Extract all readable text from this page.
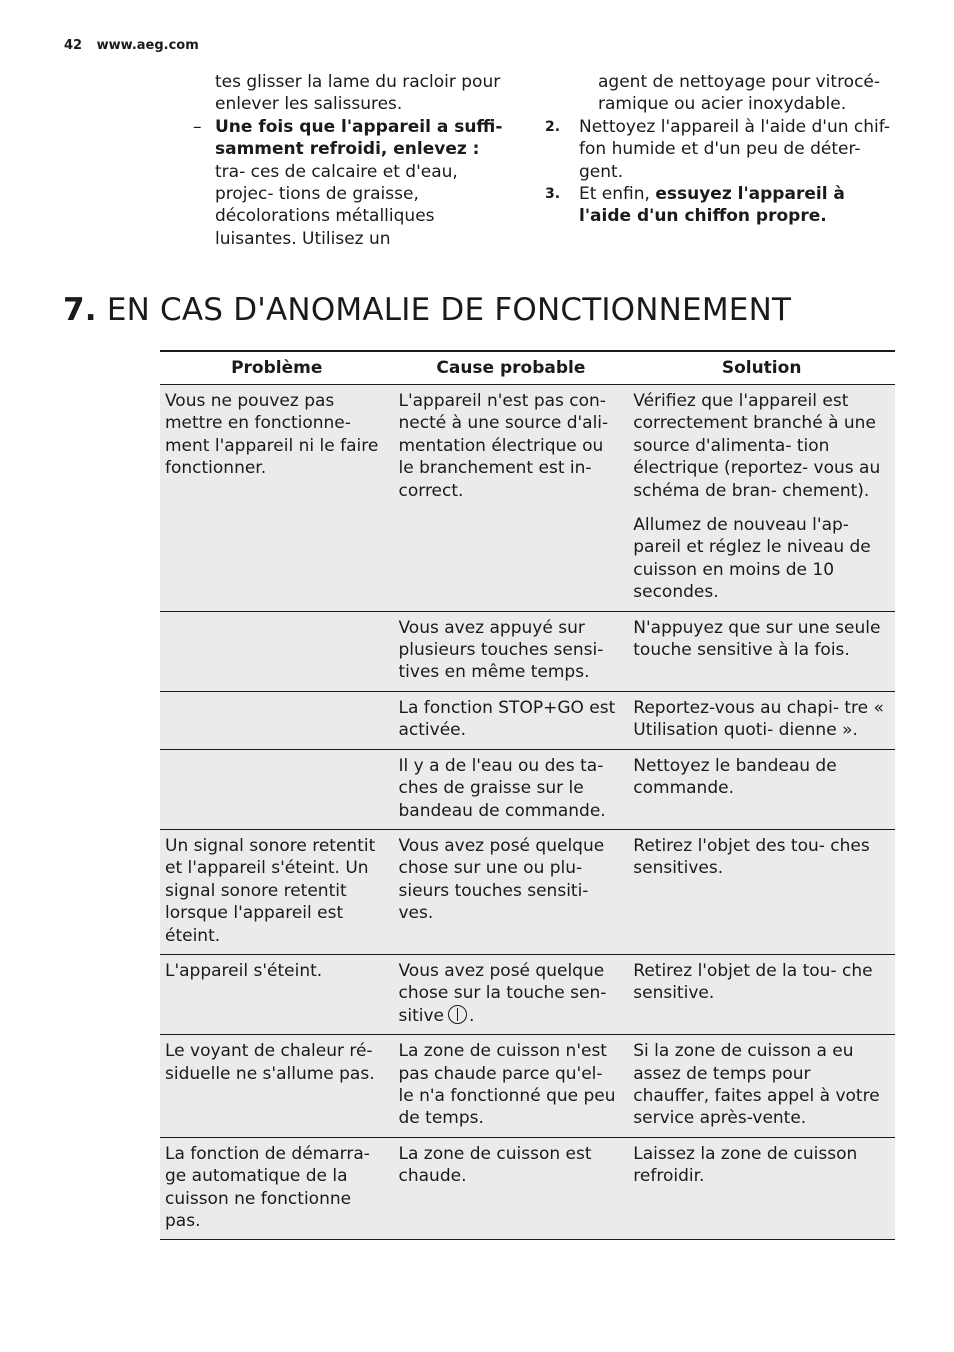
42 www.aeg.com

tes glisser la lame du racloir pour enlever les salissures.

– Une fois que l'appareil a suffi- samment refroidi, enlevez : tra- ces de calcaire et d'eau, projec- tions de graisse, décolorations métalliques luisantes. Utilisez un

agent de nettoyage pour vitrocé- ramique ou acier inoxydable.

2. Nettoyez l'appareil à l'aide d'un chif- fon humide et d'un peu de déter- gent.

3. Et enfin, essuyez l'appareil à l'aide d'un chiffon propre.

7. EN CAS D'ANOMALIE DE FONCTIONNEMENT
Problème	Cause probable	Solution
Vous ne pouvez pas mettre en fonctionne- ment l'appareil ni le faire fonctionner.	L'appareil n'est pas con- necté à une source d'ali- mentation électrique ou le branchement est in- correct.	Vérifiez que l'appareil est correctement branché à une source d'alimenta- tion électrique (reportez- vous au schéma de bran- chement).
		Allumez de nouveau l'ap- pareil et réglez le niveau de cuisson en moins de 10 secondes.
	Vous avez appuyé sur plusieurs touches sensi- tives en même temps.	N'appuyez que sur une seule touche sensitive à la fois.
	La fonction STOP+GO est activée.	Reportez-vous au chapi- tre « Utilisation quoti- dienne ».
	Il y a de l'eau ou des ta- ches de graisse sur le bandeau de commande.	Nettoyez le bandeau de commande.
Un signal sonore retentit et l'appareil s'éteint. Un signal sonore retentit lorsque l'appareil est éteint.	Vous avez posé quelque chose sur une ou plu- sieurs touches sensiti- ves.	Retirez l'objet des tou- ches sensitives.
L'appareil s'éteint.	Vous avez posé quelque chose sur la touche sen- sitive .	Retirez l'objet de la tou- che sensitive.
Le voyant de chaleur ré- siduelle ne s'allume pas.	La zone de cuisson n'est pas chaude parce qu'el- le n'a fonctionné que peu de temps.	Si la zone de cuisson a eu assez de temps pour chauffer, faites appel à votre service après-vente.
La fonction de démarra- ge automatique de la cuisson ne fonctionne pas.	La zone de cuisson est chaude.	Laissez la zone de cuisson refroidir.
